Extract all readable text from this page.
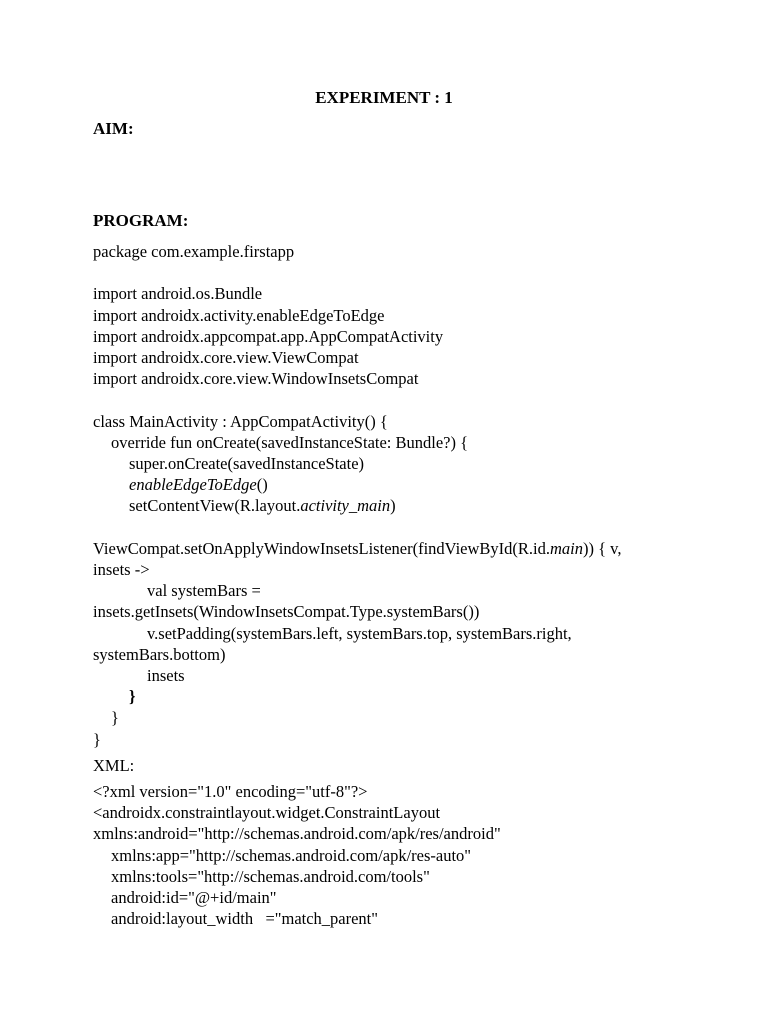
EXPERIMENT : 1
AIM:
PROGRAM:
package com.example.firstapp
import android.os.Bundle
import androidx.activity.enableEdgeToEdge
import androidx.appcompat.app.AppCompatActivity
import androidx.core.view.ViewCompat
import androidx.core.view.WindowInsetsCompat
class MainActivity : AppCompatActivity() {
override fun onCreate(savedInstanceState: Bundle?) {
super.onCreate(savedInstanceState)
enableEdgeToEdge()
setContentView(R.layout.activity_main)
ViewCompat.setOnApplyWindowInsetsListener(findViewById(R.id.main)) { v,
insets ->
val systemBars =
insets.getInsets(WindowInsetsCompat.Type.systemBars())
v.setPadding(systemBars.left, systemBars.top, systemBars.right,
systemBars.bottom)
insets
}
}
}
XML:
<?xml version="1.0" encoding="utf-8"?>
<androidx.constraintlayout.widget.ConstraintLayout
xmlns:android="http://schemas.android.com/apk/res/android"
xmlns:app="http://schemas.android.com/apk/res-auto"
xmlns:tools="http://schemas.android.com/tools"
android:id="@+id/main"
android:layout_width   ="match_parent"
